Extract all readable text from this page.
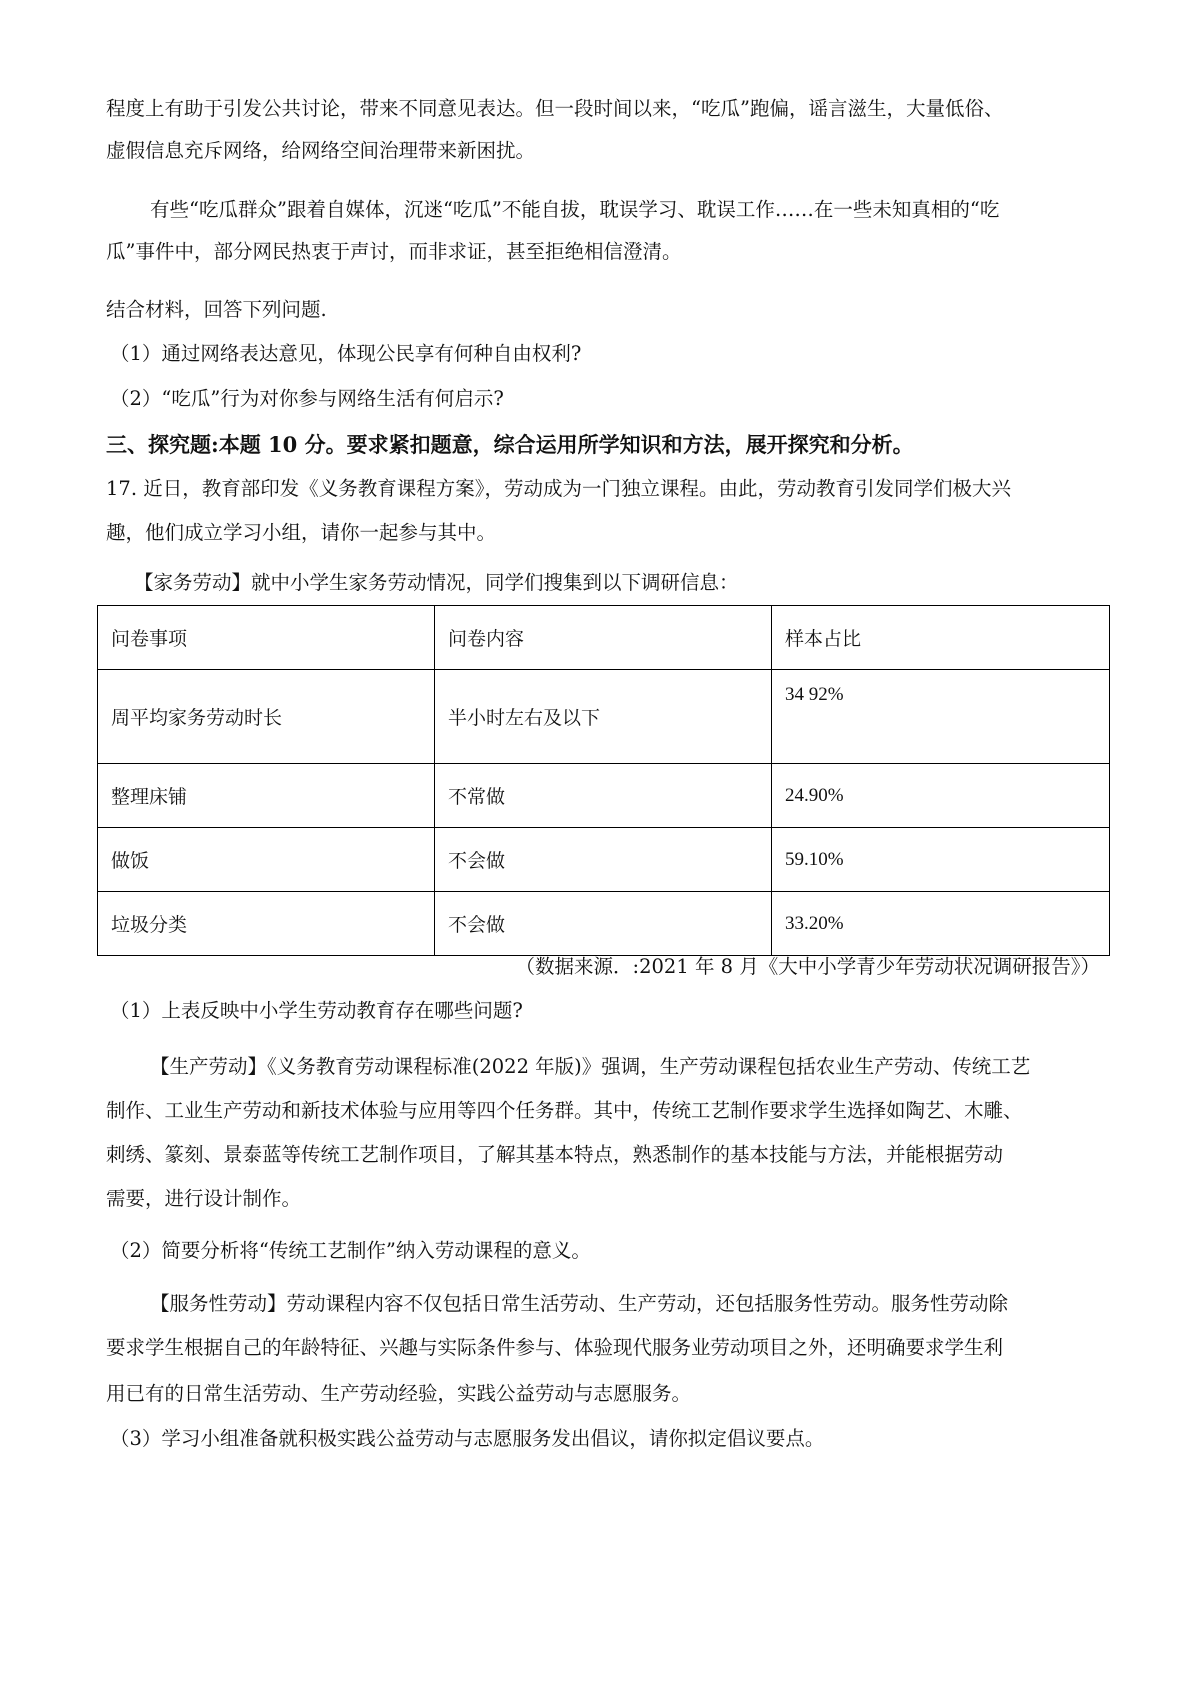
程度上有助于引发公共讨论，带来不同意见表达。但一段时间以来，“吃瓜”跑偏，谣言滋生，大量低俗、
虚假信息充斥网络，给网络空间治理带来新困扰。
有些“吃瓜群众”跟着自媒体，沉迷“吃瓜”不能自拔，耽误学习、耽误工作……在一些未知真相的“吃
瓜”事件中，部分网民热衷于声讨，而非求证，甚至拒绝相信澄清。
结合材料，回答下列问题.
（1）通过网络表达意见，体现公民享有何种自由权利?
（2）“吃瓜”行为对你参与网络生活有何启示?
三、探究题:本题 10 分。要求紧扣题意，综合运用所学知识和方法，展开探究和分析。
17. 近日，教育部印发《义务教育课程方案》，劳动成为一门独立课程。由此，劳动教育引发同学们极大兴
趣，他们成立学习小组，请你一起参与其中。
【家务劳动】就中小学生家务劳动情况，同学们搜集到以下调研信息：
问卷事项	问卷内容	样本占比
周平均家务劳动时长	半小时左右及以下	34 92%
整理床铺	不常做	24.90%
做饭	不会做	59.10%
垃圾分类	不会做	33.20%
（数据来源．:2021 年 8 月《大中小学青少年劳动状况调研报告》）
（1）上表反映中小学生劳动教育存在哪些问题?
【生产劳动】《义务教育劳动课程标准(2022 年版)》强调，生产劳动课程包括农业生产劳动、传统工艺
制作、工业生产劳动和新技术体验与应用等四个任务群。其中，传统工艺制作要求学生选择如陶艺、木雕、
刺绣、篆刻、景泰蓝等传统工艺制作项目，了解其基本特点，熟悉制作的基本技能与方法，并能根据劳动
需要，进行设计制作。
（2）简要分析将“传统工艺制作”纳入劳动课程的意义。
【服务性劳动】劳动课程内容不仅包括日常生活劳动、生产劳动，还包括服务性劳动。服务性劳动除
要求学生根据自己的年龄特征、兴趣与实际条件参与、体验现代服务业劳动项目之外，还明确要求学生利
用已有的日常生活劳动、生产劳动经验，实践公益劳动与志愿服务。
（3）学习小组准备就积极实践公益劳动与志愿服务发出倡议，请你拟定倡议要点。
